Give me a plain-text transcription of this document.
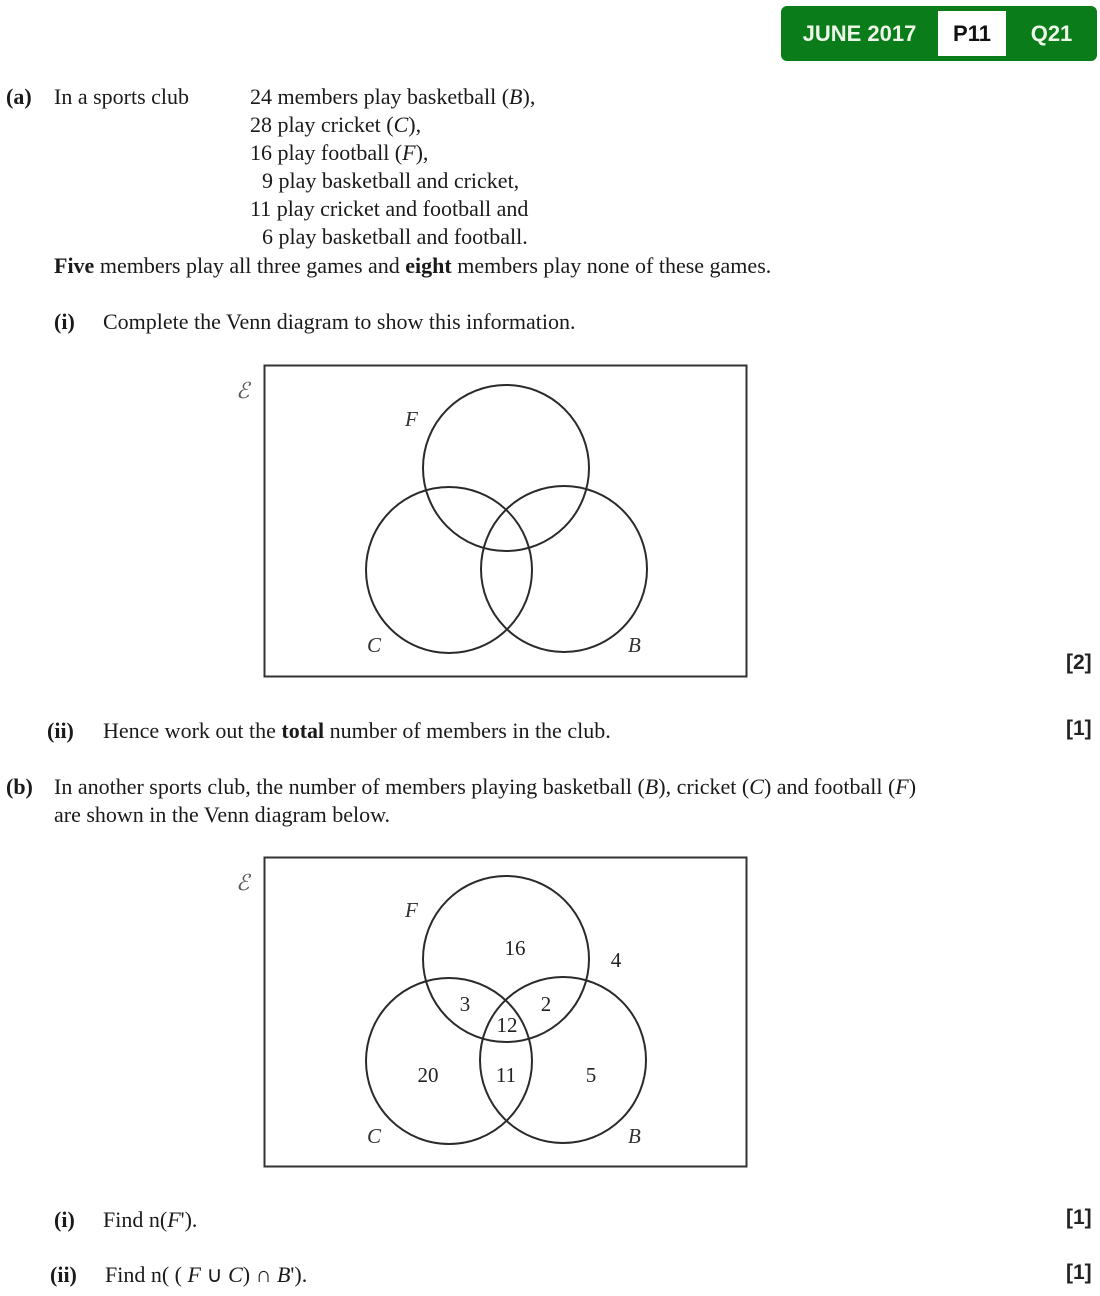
JUNE 2017	P11	Q21
(a) In a sports club	24 members play basketball (B),
28 play cricket (C),
16 play football (F),
9 play basketball and cricket,
11 play cricket and football and
6 play basketball and football.
Five members play all three games and eight members play none of these games.
(i) Complete the Venn diagram to show this information.
ℰ
F
C	B
[2]
(ii) Hence work out the total number of members in the club.	[1]
(b) In another sports club, the number of members playing basketball (B), cricket (C) and football (F)
are shown in the Venn diagram below.
ℰ
F
C	B
16
3	2
12
20	11	5
4
(i) Find n(F').	[1]
(ii) Find n( ( F ∪ C) ∩ B').	[1]
